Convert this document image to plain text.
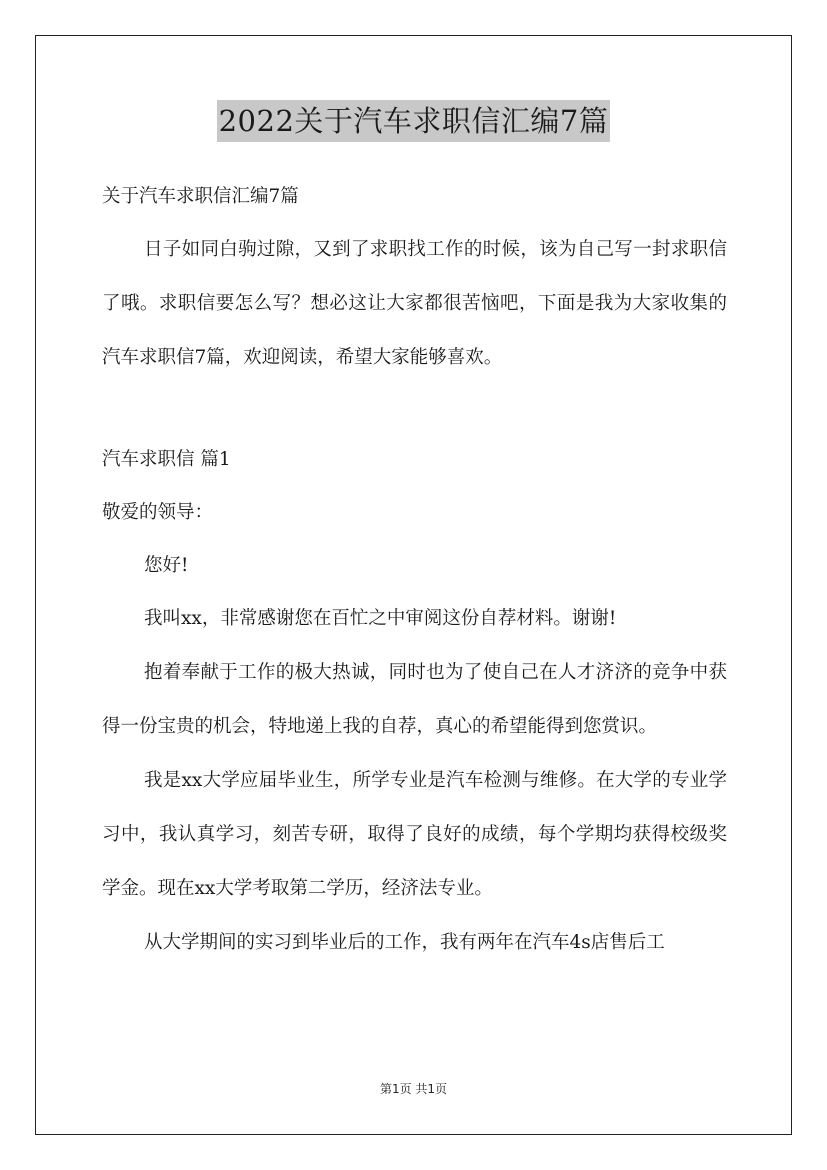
2022关于汽车求职信汇编7篇

关于汽车求职信汇编7篇

日子如同白驹过隙，又到了求职找工作的时候，该为自己写一封求职信了哦。求职信要怎么写？想必这让大家都很苦恼吧，下面是我为大家收集的汽车求职信7篇，欢迎阅读，希望大家能够喜欢。

汽车求职信 篇1

敬爱的领导：

您好!

我叫xx，非常感谢您在百忙之中审阅这份自荐材料。谢谢!

抱着奉献于工作的极大热诚，同时也为了使自己在人才济济的竞争中获得一份宝贵的机会，特地递上我的自荐，真心的希望能得到您赏识。

我是xx大学应届毕业生，所学专业是汽车检测与维修。在大学的专业学习中，我认真学习，刻苦专研，取得了良好的成绩，每个学期均获得校级奖学金。现在xx大学考取第二学历，经济法专业。

从大学期间的实习到毕业后的工作，我有两年在汽车4s店售后工

第1页 共1页
